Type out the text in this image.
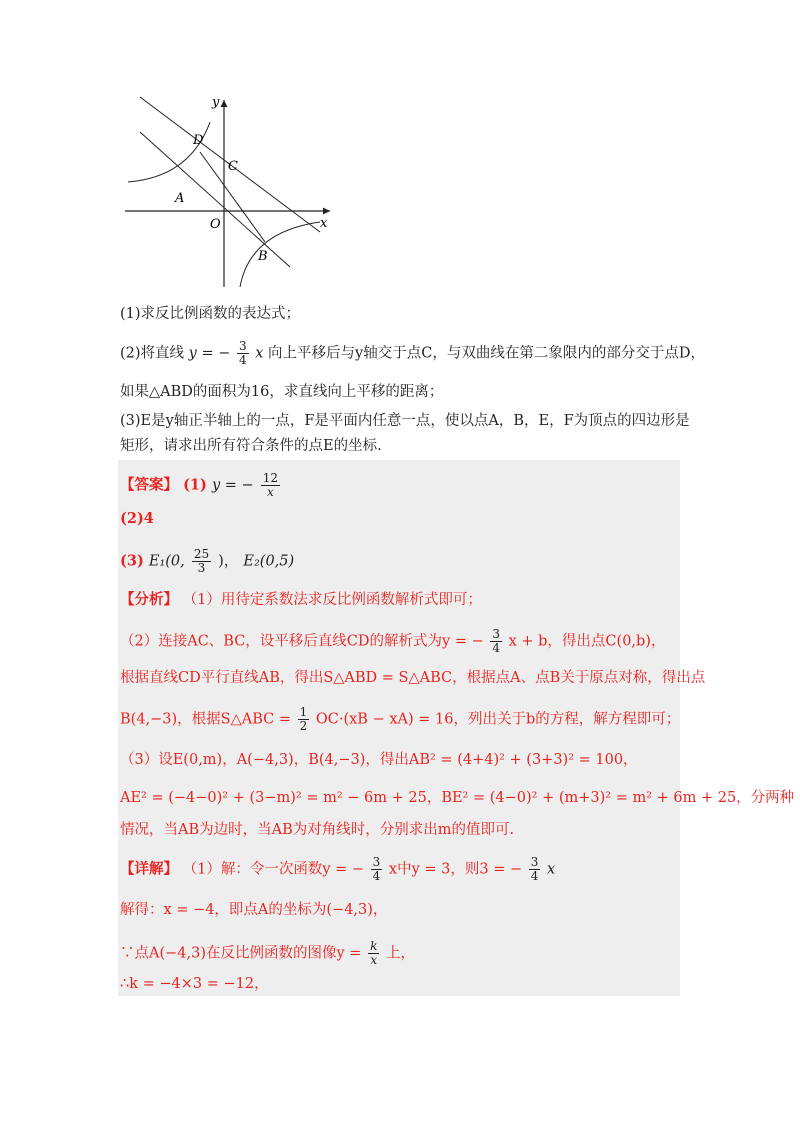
y
x
D
C
A
O
B
(1)求反比例函数的表达式；
(2)将直线 y = − $\frac{3}{4}$ x 向上平移后与y轴交于点C，与双曲线在第二象限内的部分交于点D，
如果△ABD的面积为16，求直线向上平移的距离；
(3)E是y轴正半轴上的一点，F是平面内任意一点，使以点A，B，E，F为顶点的四边形是
矩形，请求出所有符合条件的点E的坐标.
【答案】 (1) y = − $\frac{12}{x}$
(2)4
(3) E₁(0, $\frac{25}{3}$ )， E₂(0,5)
【分析】 （1）用待定系数法求反比例函数解析式即可；
（2）连接AC、BC，设平移后直线CD的解析式为y = − $\frac{3}{4}$ x + b，得出点C(0,b)，
根据直线CD平行直线AB，得出S△ABD = S△ABC，根据点A、点B关于原点对称，得出点
B(4,−3)，根据S△ABC = $\frac{1}{2} OC\cdot(xB - xA) = 16$，列出关于b的方程，解方程即可；
（3）设E(0,m)，A(−4,3)，B(4,−3)，得出AB² = (4+4)² + (3+3)² = 100，
AE² = (−4−0)² + (3−m)² = m² − 6m + 25，BE² = (4−0)² + (m+3)² = m² + 6m + 25，分两种
情况，当AB为边时，当AB为对角线时，分别求出m的值即可.
【详解】 （1）解：令一次函数y = − $\frac{3}{4}$ x中y = 3，则3 = − $\frac{3}{4}$ x
解得：x = −4，即点A的坐标为(−4,3)，
∵点A(−4,3)在反比例函数的图像$y = \frac{k}{x}$ 上，
∴k = −4×3 = −12，
